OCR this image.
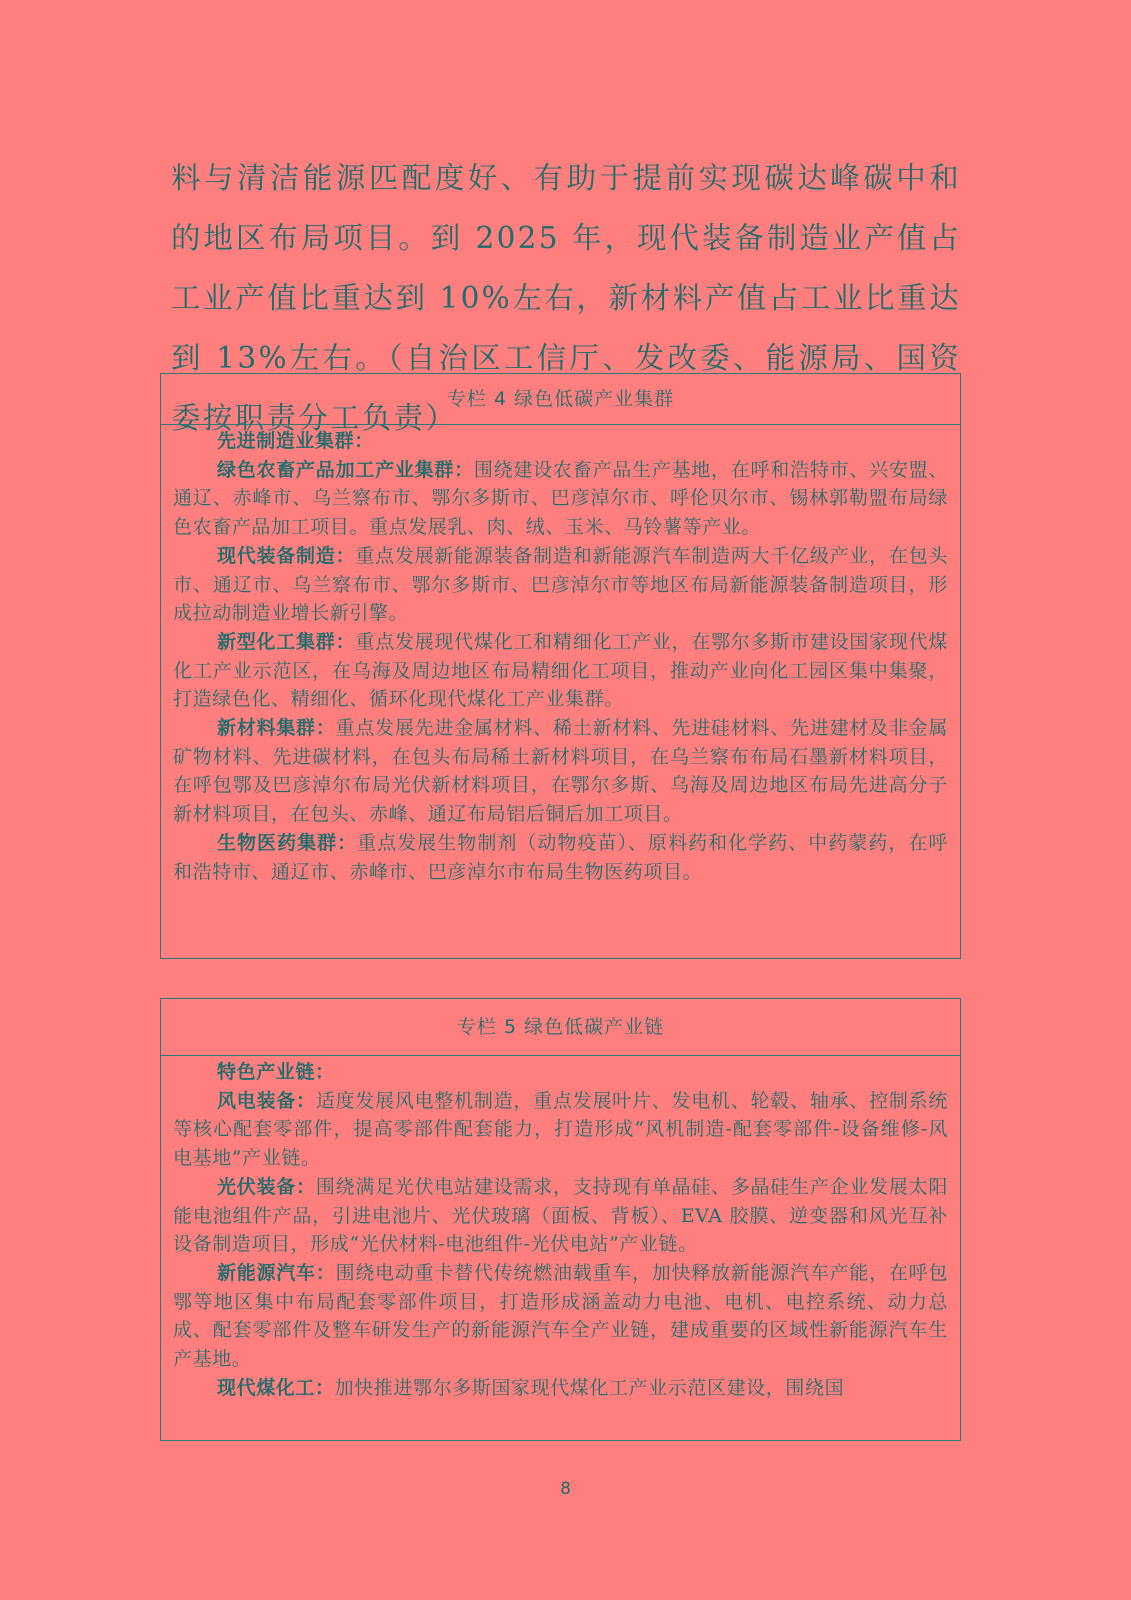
料与清洁能源匹配度好、有助于提前实现碳达峰碳中和的地区布局项目。到 2025 年，现代装备制造业产值占工业产值比重达到 10%左右，新材料产值占工业比重达到 13%左右。（自治区工信厅、发改委、能源局、国资委按职责分工负责）
专栏 4 绿色低碳产业集群

先进制造业集群：

绿色农畜产品加工产业集群：围绕建设农畜产品生产基地，在呼和浩特市、兴安盟、通辽、赤峰市、乌兰察布市、鄂尔多斯市、巴彦淖尔市、呼伦贝尔市、锡林郭勒盟布局绿色农畜产品加工项目。重点发展乳、肉、绒、玉米、马铃薯等产业。

现代装备制造：重点发展新能源装备制造和新能源汽车制造两大千亿级产业，在包头市、通辽市、乌兰察布市、鄂尔多斯市、巴彦淖尔市等地区布局新能源装备制造项目，形成拉动制造业增长新引擎。

新型化工集群：重点发展现代煤化工和精细化工产业，在鄂尔多斯市建设国家现代煤化工产业示范区，在乌海及周边地区布局精细化工项目，推动产业向化工园区集中集聚，打造绿色化、精细化、循环化现代煤化工产业集群。

新材料集群：重点发展先进金属材料、稀土新材料、先进硅材料、先进建材及非金属矿物材料、先进碳材料，在包头布局稀土新材料项目，在乌兰察布布局石墨新材料项目，在呼包鄂及巴彦淖尔布局光伏新材料项目，在鄂尔多斯、乌海及周边地区布局先进高分子新材料项目，在包头、赤峰、通辽布局铝后铜后加工项目。

生物医药集群：重点发展生物制剂（动物疫苗）、原料药和化学药、中药蒙药，在呼和浩特市、通辽市、赤峰市、巴彦淖尔市布局生物医药项目。

专栏 5 绿色低碳产业链

特色产业链：

风电装备：适度发展风电整机制造，重点发展叶片、发电机、轮毂、轴承、控制系统等核心配套零部件，提高零部件配套能力，打造形成“风机制造-配套零部件-设备维修-风电基地”产业链。

光伏装备：围绕满足光伏电站建设需求，支持现有单晶硅、多晶硅生产企业发展太阳能电池组件产品，引进电池片、光伏玻璃（面板、背板）、EVA 胶膜、逆变器和风光互补设备制造项目，形成“光伏材料-电池组件-光伏电站”产业链。

新能源汽车：围绕电动重卡替代传统燃油载重车，加快释放新能源汽车产能，在呼包鄂等地区集中布局配套零部件项目，打造形成涵盖动力电池、电机、电控系统、动力总成、配套零部件及整车研发生产的新能源汽车全产业链，建成重要的区域性新能源汽车生产基地。

现代煤化工：加快推进鄂尔多斯国家现代煤化工产业示范区建设，围绕国

8
